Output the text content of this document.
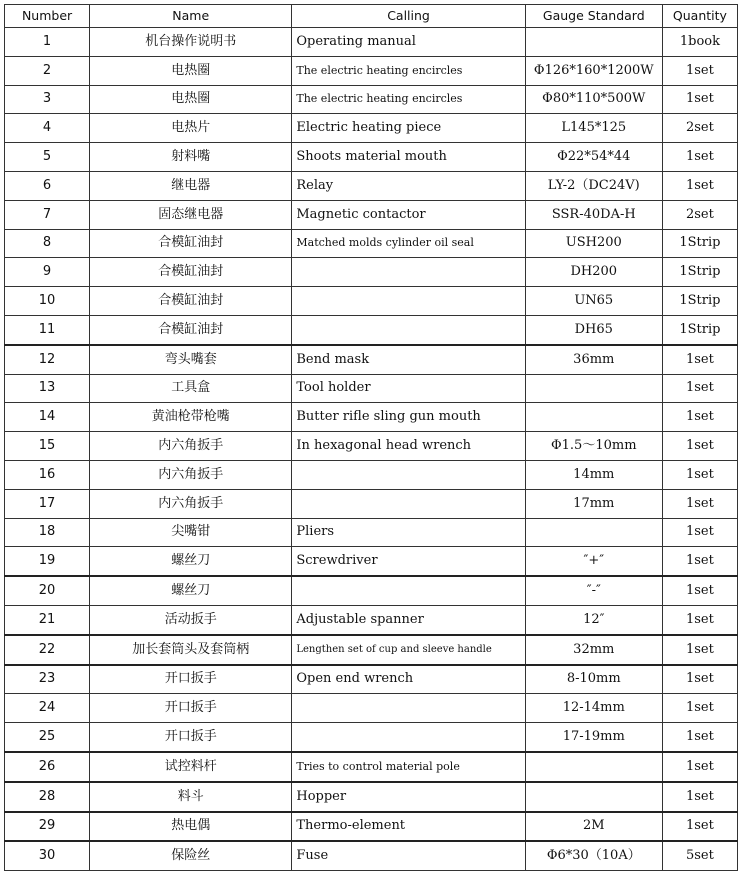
Number	Name	Calling	Gauge Standard	Quantity
1	机台操作说明书	Operating manual		1book
2	电热圈	The electric heating encircles	Φ126*160*1200W	1set
3	电热圈	The electric heating encircles	Φ80*110*500W	1set
4	电热片	Electric heating piece	L145*125	2set
5	射料嘴	Shoots material mouth	Φ22*54*44	1set
6	继电器	Relay	LY-2（DC24V)	1set
7	固态继电器	Magnetic contactor	SSR-40DA-H	2set
8	合模缸油封	Matched molds cylinder oil seal	USH200	1Strip
9	合模缸油封		DH200	1Strip
10	合模缸油封		UN65	1Strip
11	合模缸油封		DH65	1Strip
12	弯头嘴套	Bend mask	36mm	1set
13	工具盒	Tool holder		1set
14	黄油枪带枪嘴	Butter rifle sling gun mouth		1set
15	内六角扳手	In hexagonal head wrench	Φ1.5～10mm	1set
16	内六角扳手		14mm	1set
17	内六角扳手		17mm	1set
18	尖嘴钳	Pliers		1set
19	螺丝刀	Screwdriver	″+″	1set
20	螺丝刀		″-″	1set
21	活动扳手	Adjustable spanner	12″	1set
22	加长套筒头及套筒柄	Lengthen set of cup and sleeve handle	32mm	1set
23	开口扳手	Open end wrench	8-10mm	1set
24	开口扳手		12-14mm	1set
25	开口扳手		17-19mm	1set
26	试控料杆	Tries to control material pole		1set
28	料斗	Hopper		1set
29	热电偶	Thermo-element	2M	1set
30	保险丝	Fuse	Φ6*30（10A）	5set
